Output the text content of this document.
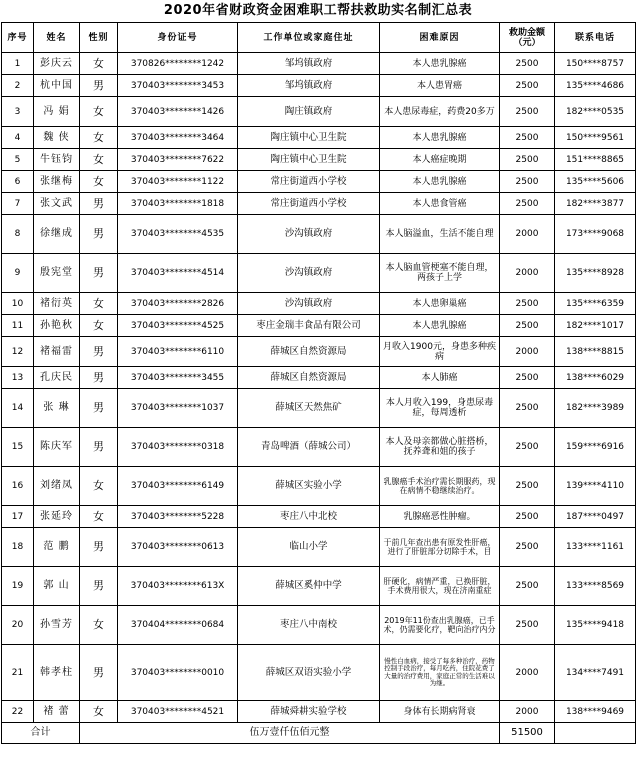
2020年省财政资金困难职工帮扶救助实名制汇总表
序号	姓名	性别	身份证号	工作单位或家庭住址	困难原因	救助金额（元）	联系电话
1	彭庆云	女	370826********1242	邹坞镇政府	本人患乳腺癌	2500	150****8757
2	杭中国	男	370403********3453	邹坞镇政府	本人患胃癌	2500	135****4686
3	冯 娟	女	370403********1426	陶庄镇政府	本人患尿毒症，药费20多万	2500	182****0535
4	魏 侠	女	370403********3464	陶庄镇中心卫生院	本人患乳腺癌	2500	150****9561
5	牛钰钧	女	370403********7622	陶庄镇中心卫生院	本人癌症晚期	2500	151****8865
6	张继梅	女	370403********1122	常庄街道西小学校	本人患乳腺癌	2500	135****5606
7	张文武	男	370403********1818	常庄街道西小学校	本人患食管癌	2500	182****3877
8	徐继成	男	370403********4535	沙沟镇政府	本人脑溢血，生活不能自理	2000	173****9068
9	殷宪堂	男	370403********4514	沙沟镇政府	本人脑血管梗塞不能自理，两孩子上学	2000	135****8928
10	褚衍英	女	370403********2826	沙沟镇政府	本人患卵巢癌	2500	135****6359
11	孙艳秋	女	370403********4525	枣庄金瑞丰食品有限公司	本人患乳腺癌	2500	182****1017
12	褚福雷	男	370403********6110	薛城区自然资源局	月收入1900元，身患多种疾病	2000	138****8815
13	孔庆民	男	370403********3455	薛城区自然资源局	本人肺癌	2500	138****6029
14	张 琳	男	370403********1037	薛城区天然焦矿	本人月收入199，身患尿毒症，每周透析	2500	182****3989
15	陈庆军	男	370403********0318	青岛啤酒（薛城公司）	本人及母亲都做心脏搭桥，抚养聋和姐的孩子	2500	159****6916
16	刘绪凤	女	370403********6149	薛城区实验小学	乳腺癌手术治疗需长期服药，现在病情不稳继续治疗。	2500	139****4110
17	张延玲	女	370403********5228	枣庄八中北校	乳腺癌恶性肿瘤。	2500	187****0497
18	范 鹏	男	370403********0613	临山小学	于前几年查出患有原发性肝癌，进行了肝脏部分切除手术，目	2500	133****1161
19	郭 山	男	370403********613X	薛城区奚仲中学	肝硬化，病情严重，已换肝脏，手术费用很大，现在济南重症	2500	133****8569
20	孙雪芳	女	370404********0684	枣庄八中南校	2019年11份查出乳腺癌，已手术，仍需要化疗，靶向治疗内分	2500	135****9418
21	韩孝柱	男	370403********0010	薛城区双语实验小学	慢性白血病，接受了每多种治疗，药物控制手段治疗，每月吃药，住院花费了大量的治疗费用，家庭正常的生活难以为继。	2000	134****7491
22	褚 蕾	女	370403********4521	薛城舜耕实验学校	身体有长期病肾衰	2000	138****9469
合计		伍万壹仟伍佰元整				51500	
